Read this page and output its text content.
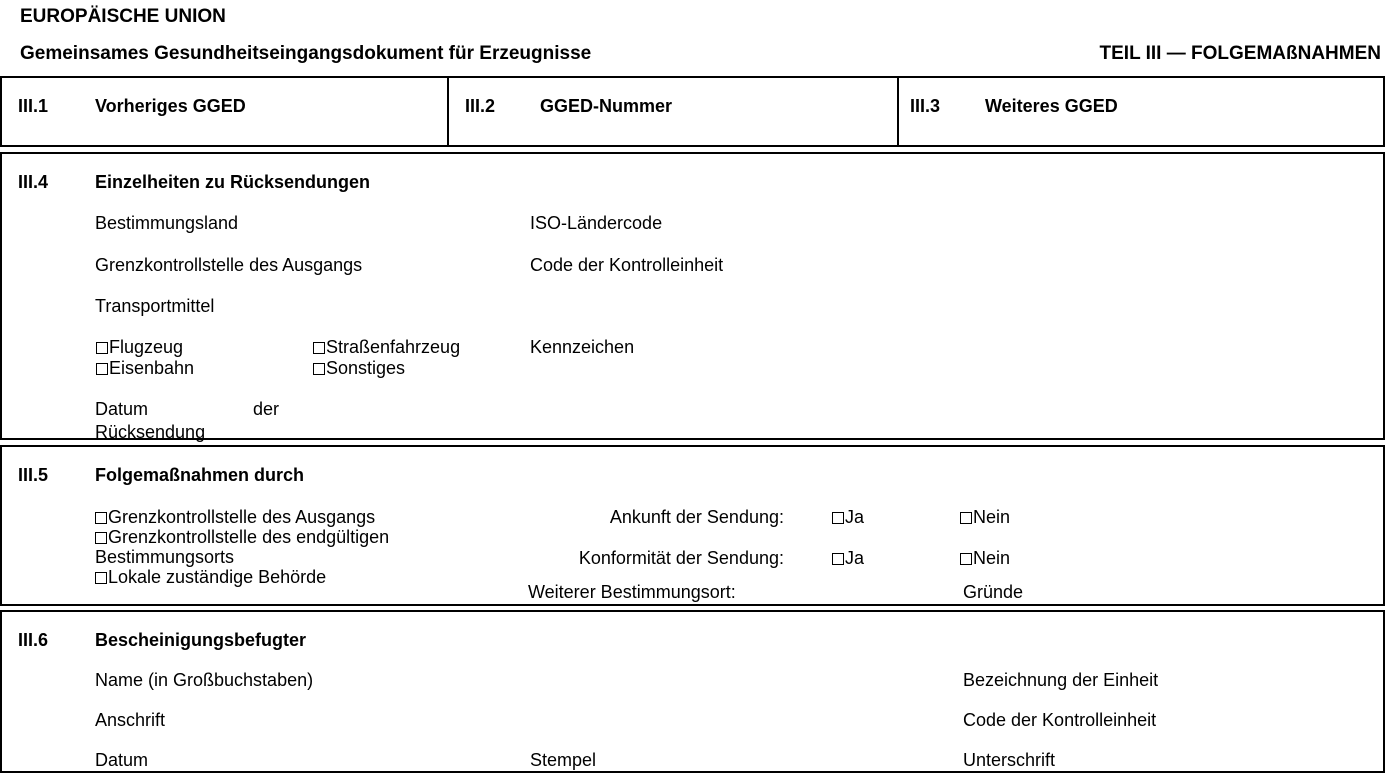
EUROPÄISCHE UNION
Gemeinsames Gesundheitseingangsdokument für Erzeugnisse	TEIL III — FOLGEMAßNAHMEN
III.1	Vorheriges GGED	III.2 GGED-Nummer	III.3 Weiteres GGED
III.4	Einzelheiten zu Rücksendungen
Bestimmungsland	ISO-Ländercode
Grenzkontrollstelle des Ausgangs	Code der Kontrolleinheit
Transportmittel
Flugzeug	Straßenfahrzeug	Kennzeichen
Eisenbahn	Sonstiges
Datum	der
Rücksendung
III.5	Folgemaßnahmen durch
Grenzkontrollstelle des Ausgangs
Grenzkontrollstelle des endgültigen Bestimmungsorts
Lokale zuständige Behörde
Ankunft der Sendung:	Ja	Nein
Konformität der Sendung:	Ja	Nein
Weiterer Bestimmungsort:	Gründe
III.6	Bescheinigungsbefugter
Name (in Großbuchstaben)	Bezeichnung der Einheit
Anschrift	Code der Kontrolleinheit
Datum	Stempel	Unterschrift
